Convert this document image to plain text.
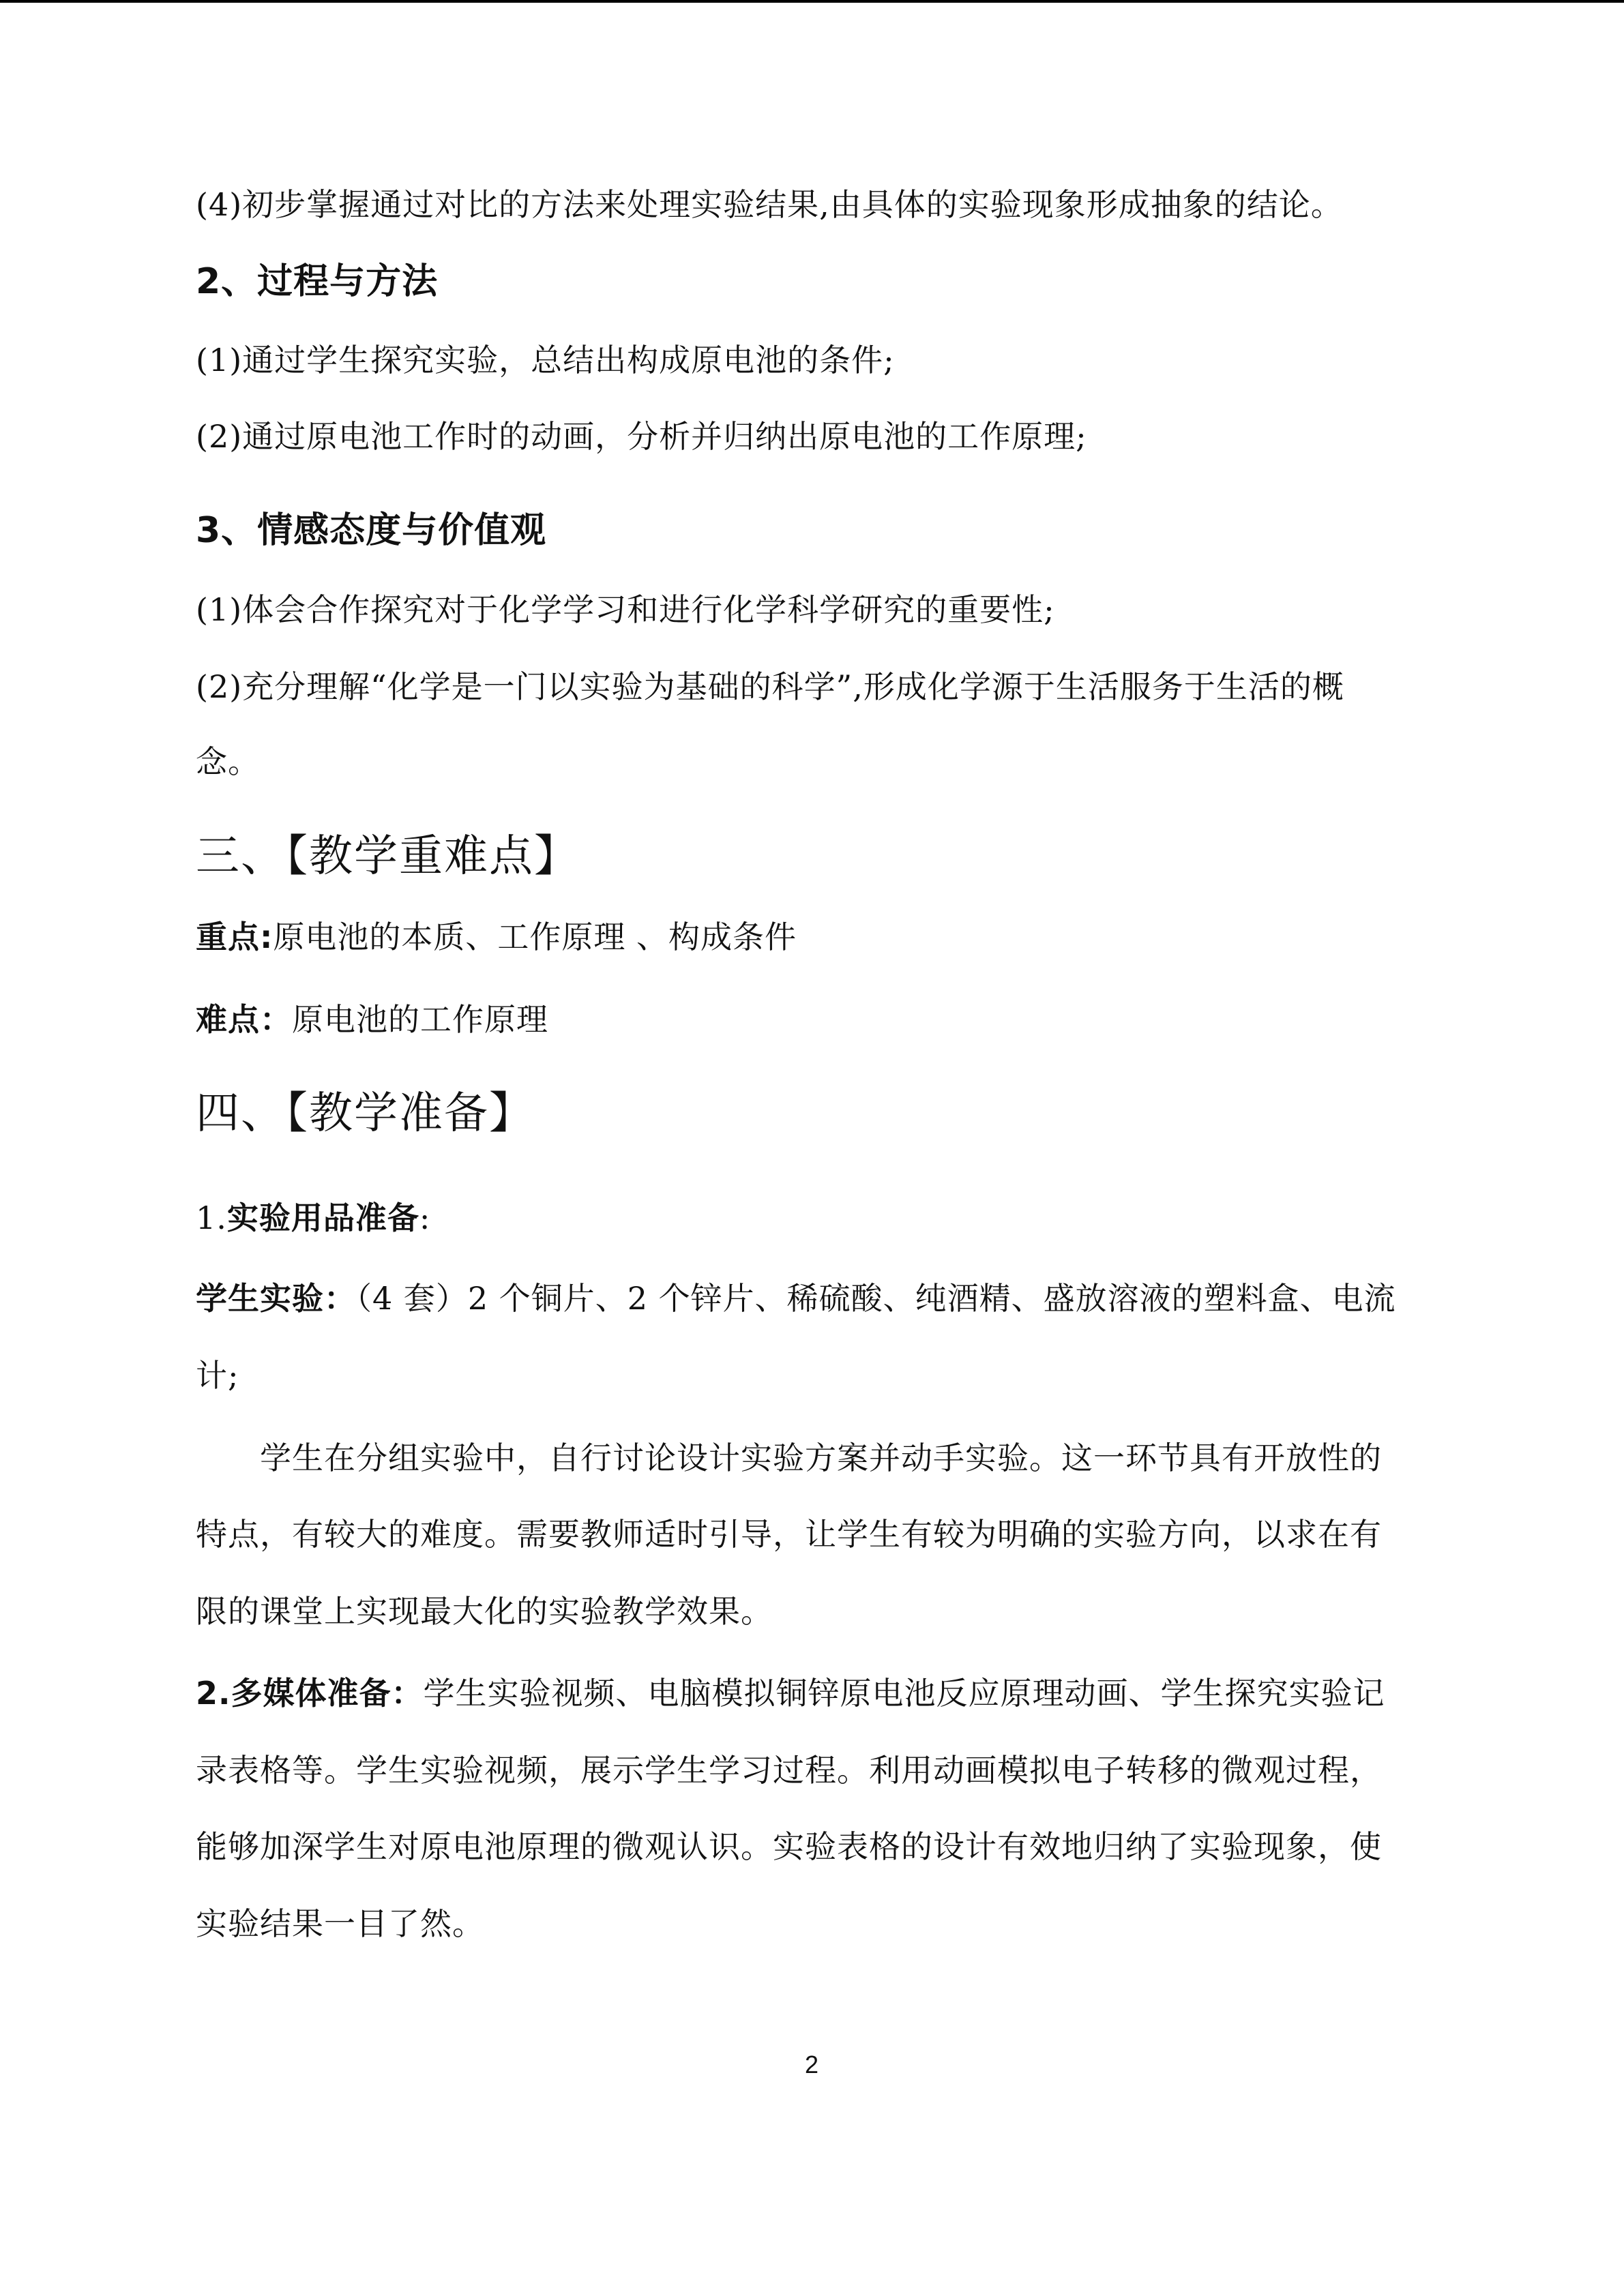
(4)初步掌握通过对比的方法来处理实验结果,由具体的实验现象形成抽象的结论。
2、过程与方法
(1)通过学生探究实验，总结出构成原电池的条件;
(2)通过原电池工作时的动画，分析并归纳出原电池的工作原理;
3、情感态度与价值观
(1)体会合作探究对于化学学习和进行化学科学研究的重要性;
(2)充分理解“化学是一门以实验为基础的科学”,形成化学源于生活服务于生活的概
念。
三、【教学重难点】
重点:原电池的本质、工作原理 、构成条件
难点：原电池的工作原理
四、【教学准备】
1.实验用品准备:
学生实验：（4 套）2 个铜片、2 个锌片、稀硫酸、纯酒精、盛放溶液的塑料盒、电流
计;
学生在分组实验中，自行讨论设计实验方案并动手实验。这一环节具有开放性的
特点，有较大的难度。需要教师适时引导，让学生有较为明确的实验方向，以求在有
限的课堂上实现最大化的实验教学效果。
2.多媒体准备：学生实验视频、电脑模拟铜锌原电池反应原理动画、学生探究实验记
录表格等。学生实验视频，展示学生学习过程。利用动画模拟电子转移的微观过程，
能够加深学生对原电池原理的微观认识。实验表格的设计有效地归纳了实验现象，使
实验结果一目了然。
2
